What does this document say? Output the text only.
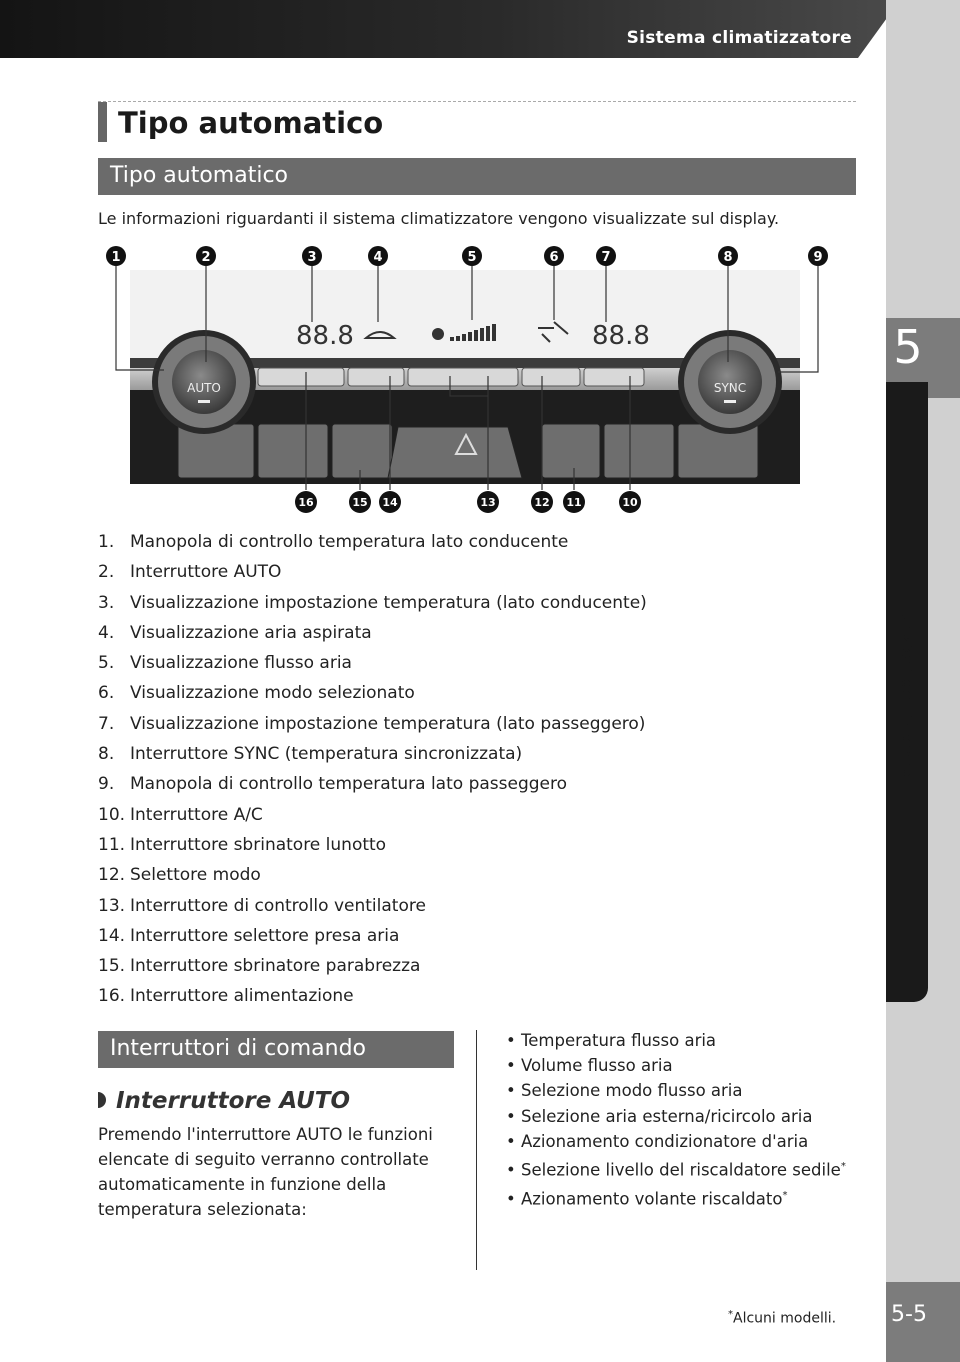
Sistema climatizzatore
5
Funzioni dell'interno
5-5
Tipo automatico
Tipo automatico
Le informazioni riguardanti il sistema climatizzatore vengono visualizzate sul display.
88.8	88.8
AUTO	SYNC
1	2	3	4	5	6	7	8	9
16	15 14	13	12 11	10
1. Manopola di controllo temperatura lato conducente
2. Interruttore AUTO
3. Visualizzazione impostazione temperatura (lato conducente)
4. Visualizzazione aria aspirata
5. Visualizzazione flusso aria
6. Visualizzazione modo selezionato
7. Visualizzazione impostazione temperatura (lato passeggero)
8. Interruttore SYNC (temperatura sincronizzata)
9. Manopola di controllo temperatura lato passeggero
10. Interruttore A/C
11. Interruttore sbrinatore lunotto
12. Selettore modo
13. Interruttore di controllo ventilatore
14. Interruttore selettore presa aria
15. Interruttore sbrinatore parabrezza
16. Interruttore alimentazione
Interruttori di comando
Interruttore AUTO

Premendo l'interruttore AUTO le funzioni elencate di seguito verranno controllate automaticamente in funzione della temperatura selezionata:

• Temperatura flusso aria
• Volume flusso aria
• Selezione modo flusso aria
• Selezione aria esterna/ricircolo aria
• Azionamento condizionatore d'aria
• Selezione livello del riscaldatore sedile*
• Azionamento volante riscaldato*
*Alcuni modelli.
